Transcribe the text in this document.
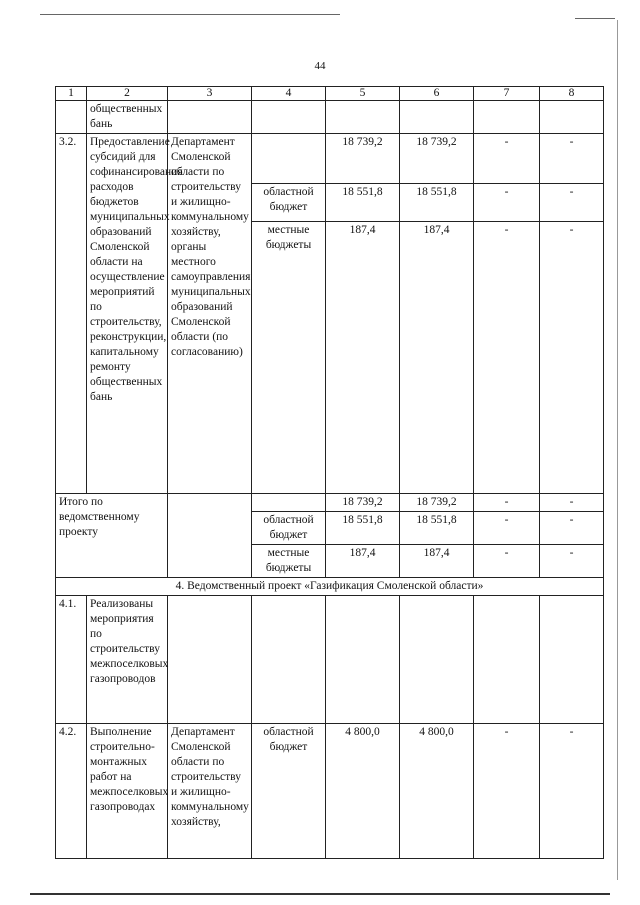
44
1	2	3	4	5	6	7	8
	общественных бань						
3.2.	Предоставление субсидий для софинансирования расходов бюджетов муниципальных образований Смоленской области на осуществление мероприятий по строительству, реконструкции, капитальному ремонту общественных бань	Департамент Смоленской области по строительству и жилищно-коммунальному хозяйству, органы местного самоуправления муниципальных образований Смоленской области (по согласованию)		18 739,2	18 739,2	-	-
			областной бюджет	18 551,8	18 551,8	-	-
			местные бюджеты	187,4	187,4	-	-
Итого по ведомственному проекту				18 739,2	18 739,2	-	-
			областной бюджет	18 551,8	18 551,8	-	-
			местные бюджеты	187,4	187,4	-	-
4. Ведомственный проект «Газификация Смоленской области»							
4.1.	Реализованы мероприятия по строительству межпоселковых газопроводов						
4.2.	Выполнение строительно-монтажных работ на межпоселковых газопроводах	Департамент Смоленской области по строительству и жилищно-коммунальному хозяйству,	областной бюджет	4 800,0	4 800,0	-	-
